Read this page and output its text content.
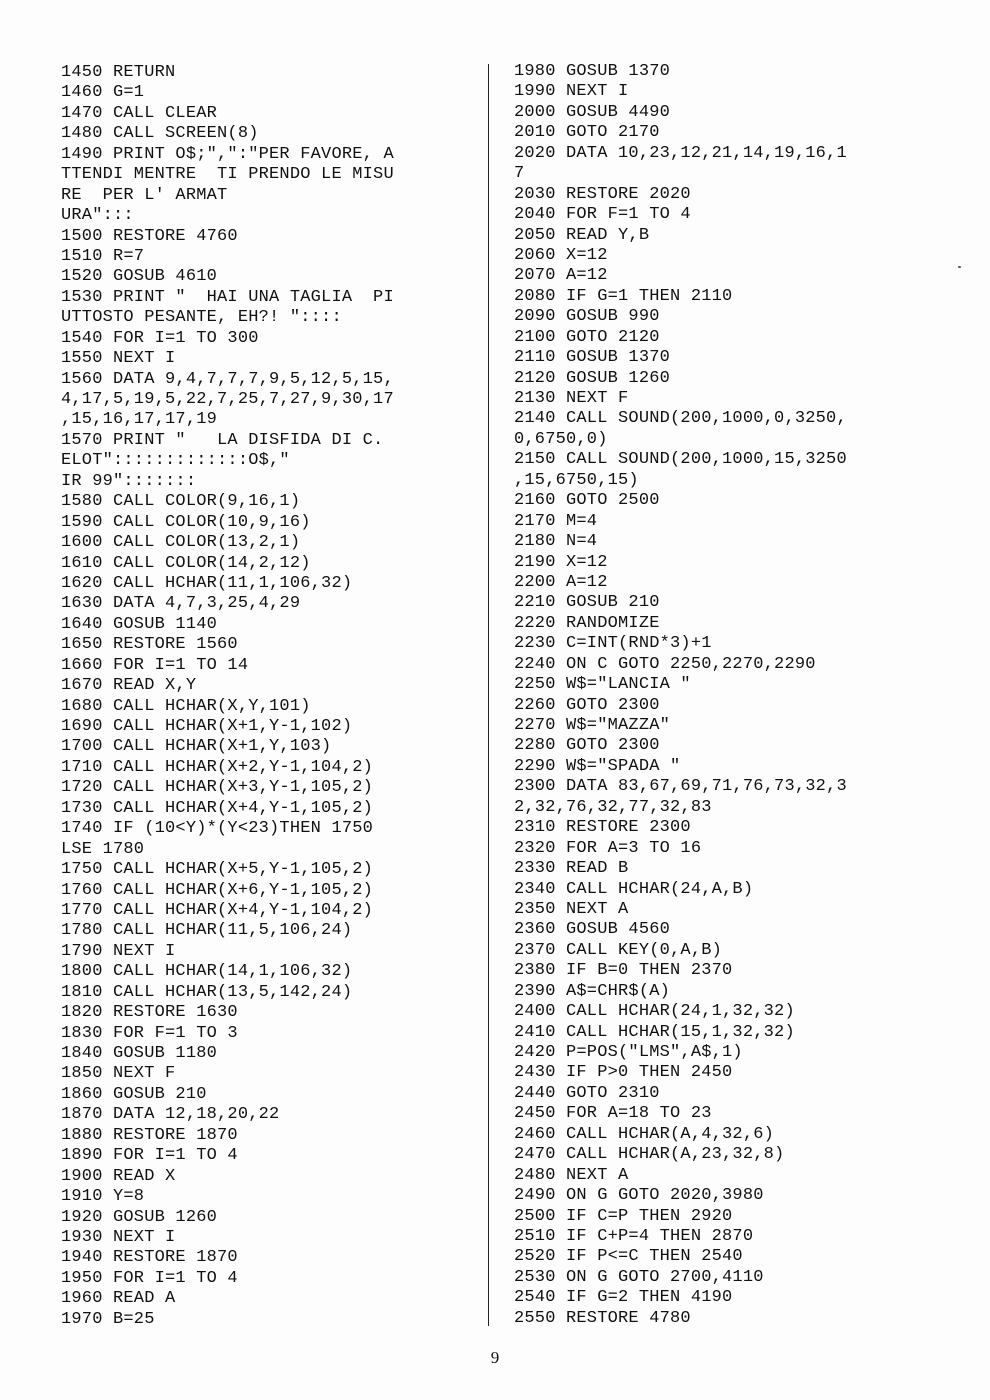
1450 RETURN
1460 G=1
1470 CALL CLEAR
1480 CALL SCREEN(8)
1490 PRINT O$;",":"PER FAVORE, A
TTENDI MENTRE  TI PRENDO LE MISU
RE  PER L' ARMAT
URA":::
1500 RESTORE 4760
1510 R=7
1520 GOSUB 4610
1530 PRINT "  HAI UNA TAGLIA  PI
UTTOSTO PESANTE, EH?! "::::
1540 FOR I=1 TO 300
1550 NEXT I
1560 DATA 9,4,7,7,7,9,5,12,5,15,
4,17,5,19,5,22,7,25,7,27,9,30,17
,15,16,17,17,19
1570 PRINT "   LA DISFIDA DI C.
ELOT":::::::::::::O$,"
IR 99":::::::
1580 CALL COLOR(9,16,1)
1590 CALL COLOR(10,9,16)
1600 CALL COLOR(13,2,1)
1610 CALL COLOR(14,2,12)
1620 CALL HCHAR(11,1,106,32)
1630 DATA 4,7,3,25,4,29
1640 GOSUB 1140
1650 RESTORE 1560
1660 FOR I=1 TO 14
1670 READ X,Y
1680 CALL HCHAR(X,Y,101)
1690 CALL HCHAR(X+1,Y-1,102)
1700 CALL HCHAR(X+1,Y,103)
1710 CALL HCHAR(X+2,Y-1,104,2)
1720 CALL HCHAR(X+3,Y-1,105,2)
1730 CALL HCHAR(X+4,Y-1,105,2)
1740 IF (10<Y)*(Y<23)THEN 1750
LSE 1780
1750 CALL HCHAR(X+5,Y-1,105,2)
1760 CALL HCHAR(X+6,Y-1,105,2)
1770 CALL HCHAR(X+4,Y-1,104,2)
1780 CALL HCHAR(11,5,106,24)
1790 NEXT I
1800 CALL HCHAR(14,1,106,32)
1810 CALL HCHAR(13,5,142,24)
1820 RESTORE 1630
1830 FOR F=1 TO 3
1840 GOSUB 1180
1850 NEXT F
1860 GOSUB 210
1870 DATA 12,18,20,22
1880 RESTORE 1870
1890 FOR I=1 TO 4
1900 READ X
1910 Y=8
1920 GOSUB 1260
1930 NEXT I
1940 RESTORE 1870
1950 FOR I=1 TO 4
1960 READ A
1970 B=25
1980 GOSUB 1370
1990 NEXT I
2000 GOSUB 4490
2010 GOTO 2170
2020 DATA 10,23,12,21,14,19,16,1
7
2030 RESTORE 2020
2040 FOR F=1 TO 4
2050 READ Y,B
2060 X=12
2070 A=12
2080 IF G=1 THEN 2110
2090 GOSUB 990
2100 GOTO 2120
2110 GOSUB 1370
2120 GOSUB 1260
2130 NEXT F
2140 CALL SOUND(200,1000,0,3250,
0,6750,0)
2150 CALL SOUND(200,1000,15,3250
,15,6750,15)
2160 GOTO 2500
2170 M=4
2180 N=4
2190 X=12
2200 A=12
2210 GOSUB 210
2220 RANDOMIZE
2230 C=INT(RND*3)+1
2240 ON C GOTO 2250,2270,2290
2250 W$="LANCIA "
2260 GOTO 2300
2270 W$="MAZZA"
2280 GOTO 2300
2290 W$="SPADA "
2300 DATA 83,67,69,71,76,73,32,3
2,32,76,32,77,32,83
2310 RESTORE 2300
2320 FOR A=3 TO 16
2330 READ B
2340 CALL HCHAR(24,A,B)
2350 NEXT A
2360 GOSUB 4560
2370 CALL KEY(0,A,B)
2380 IF B=0 THEN 2370
2390 A$=CHR$(A)
2400 CALL HCHAR(24,1,32,32)
2410 CALL HCHAR(15,1,32,32)
2420 P=POS("LMS",A$,1)
2430 IF P>0 THEN 2450
2440 GOTO 2310
2450 FOR A=18 TO 23
2460 CALL HCHAR(A,4,32,6)
2470 CALL HCHAR(A,23,32,8)
2480 NEXT A
2490 ON G GOTO 2020,3980
2500 IF C=P THEN 2920
2510 IF C+P=4 THEN 2870
2520 IF P<=C THEN 2540
2530 ON G GOTO 2700,4110
2540 IF G=2 THEN 4190
2550 RESTORE 4780
9
